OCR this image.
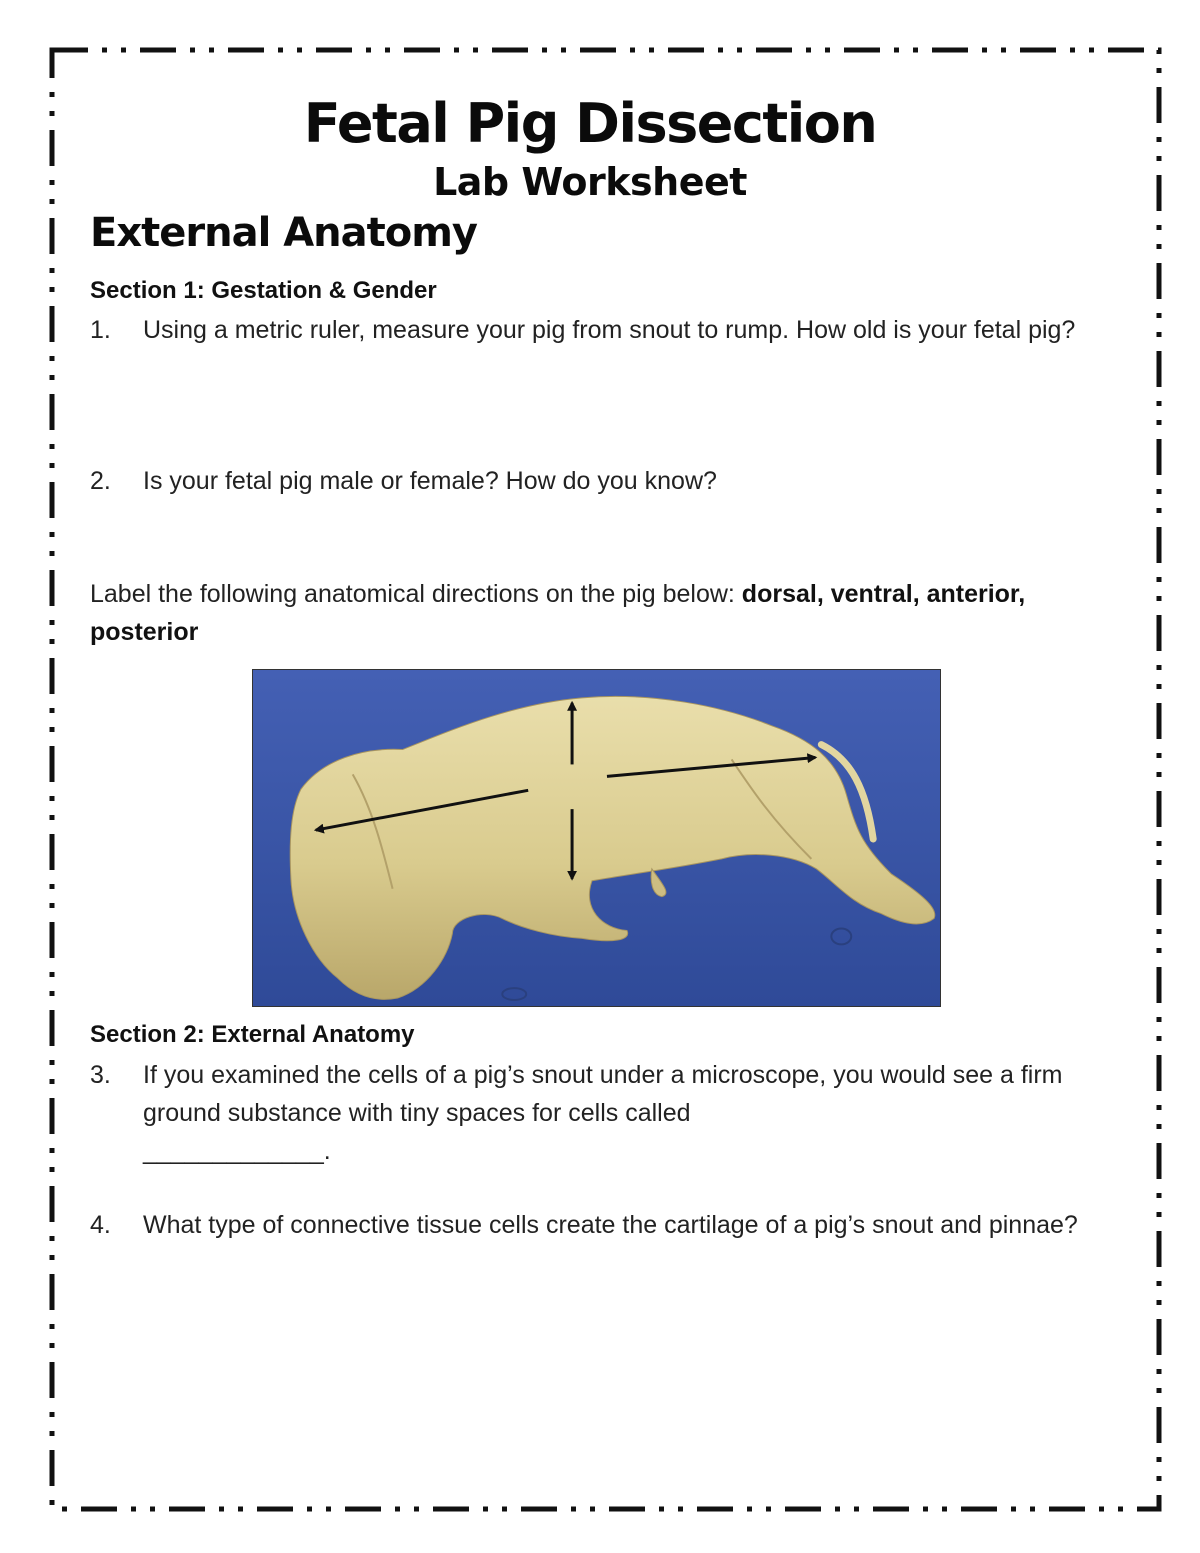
Fetal Pig Dissection
Lab Worksheet
External Anatomy
Section 1: Gestation & Gender
1. Using a metric ruler, measure your pig from snout to rump. How old is your fetal pig?
2. Is your fetal pig male or female? How do you know?
Label the following anatomical directions on the pig below: dorsal, ventral, anterior, posterior
Section 2: External Anatomy
3. If you examined the cells of a pig’s snout under a microscope, you would see a firm ground substance with tiny spaces for cells called
_____________.
4. What type of connective tissue cells create the cartilage of a pig’s snout and pinnae?
